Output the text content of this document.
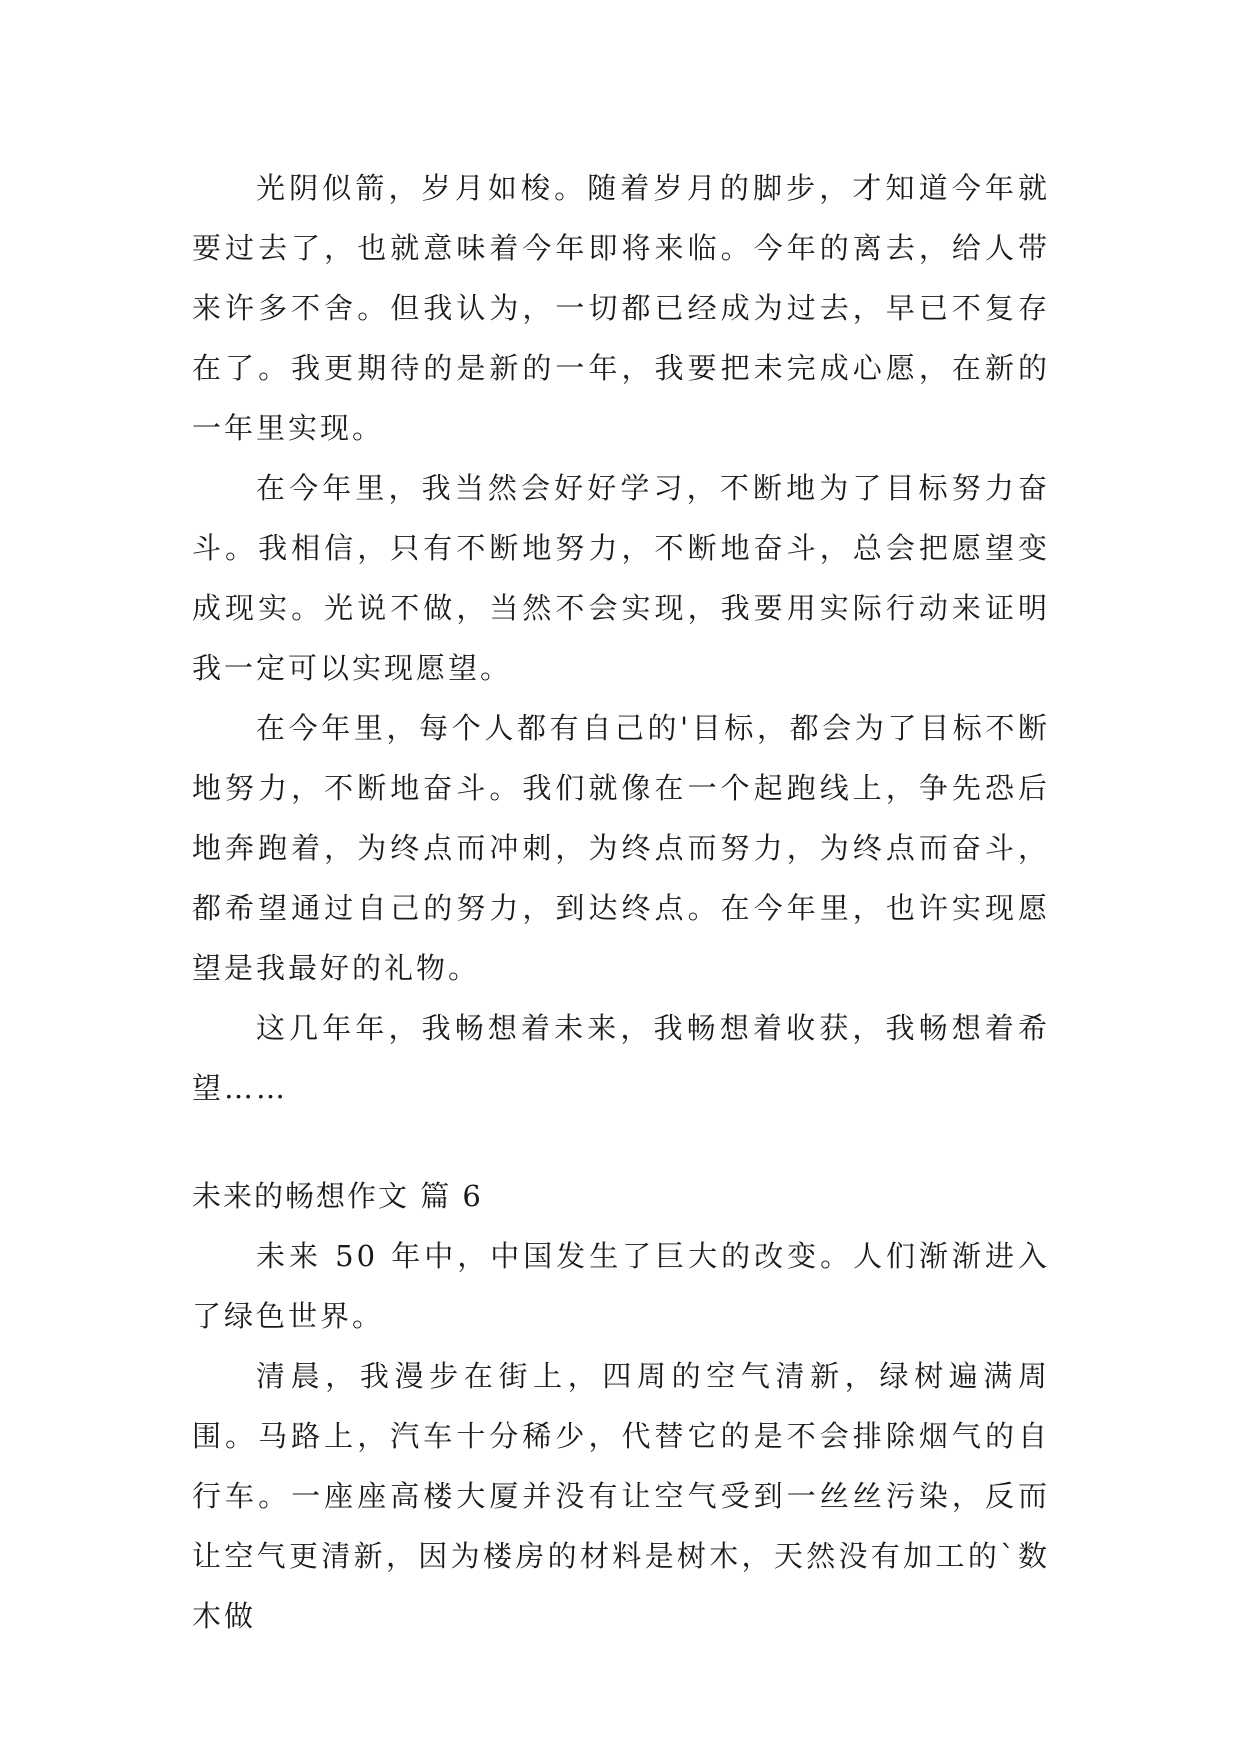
光阴似箭，岁月如梭。随着岁月的脚步，才知道今年就要过去了，也就意味着今年即将来临。今年的离去，给人带来许多不舍。但我认为，一切都已经成为过去，早已不复存在了。我更期待的是新的一年，我要把未完成心愿，在新的一年里实现。

在今年里，我当然会好好学习，不断地为了目标努力奋斗。我相信，只有不断地努力，不断地奋斗，总会把愿望变成现实。光说不做，当然不会实现，我要用实际行动来证明我一定可以实现愿望。

在今年里，每个人都有自己的'目标，都会为了目标不断地努力，不断地奋斗。我们就像在一个起跑线上，争先恐后地奔跑着，为终点而冲刺，为终点而努力，为终点而奋斗，都希望通过自己的努力，到达终点。在今年里，也许实现愿望是我最好的礼物。

这几年年，我畅想着未来，我畅想着收获，我畅想着希望……

未来的畅想作文 篇 6

未来 50 年中，中国发生了巨大的改变。人们渐渐进入了绿色世界。

清晨，我漫步在街上，四周的空气清新，绿树遍满周围。马路上，汽车十分稀少，代替它的是不会排除烟气的自行车。一座座高楼大厦并没有让空气受到一丝丝污染，反而让空气更清新，因为楼房的材料是树木，天然没有加工的`数木做
